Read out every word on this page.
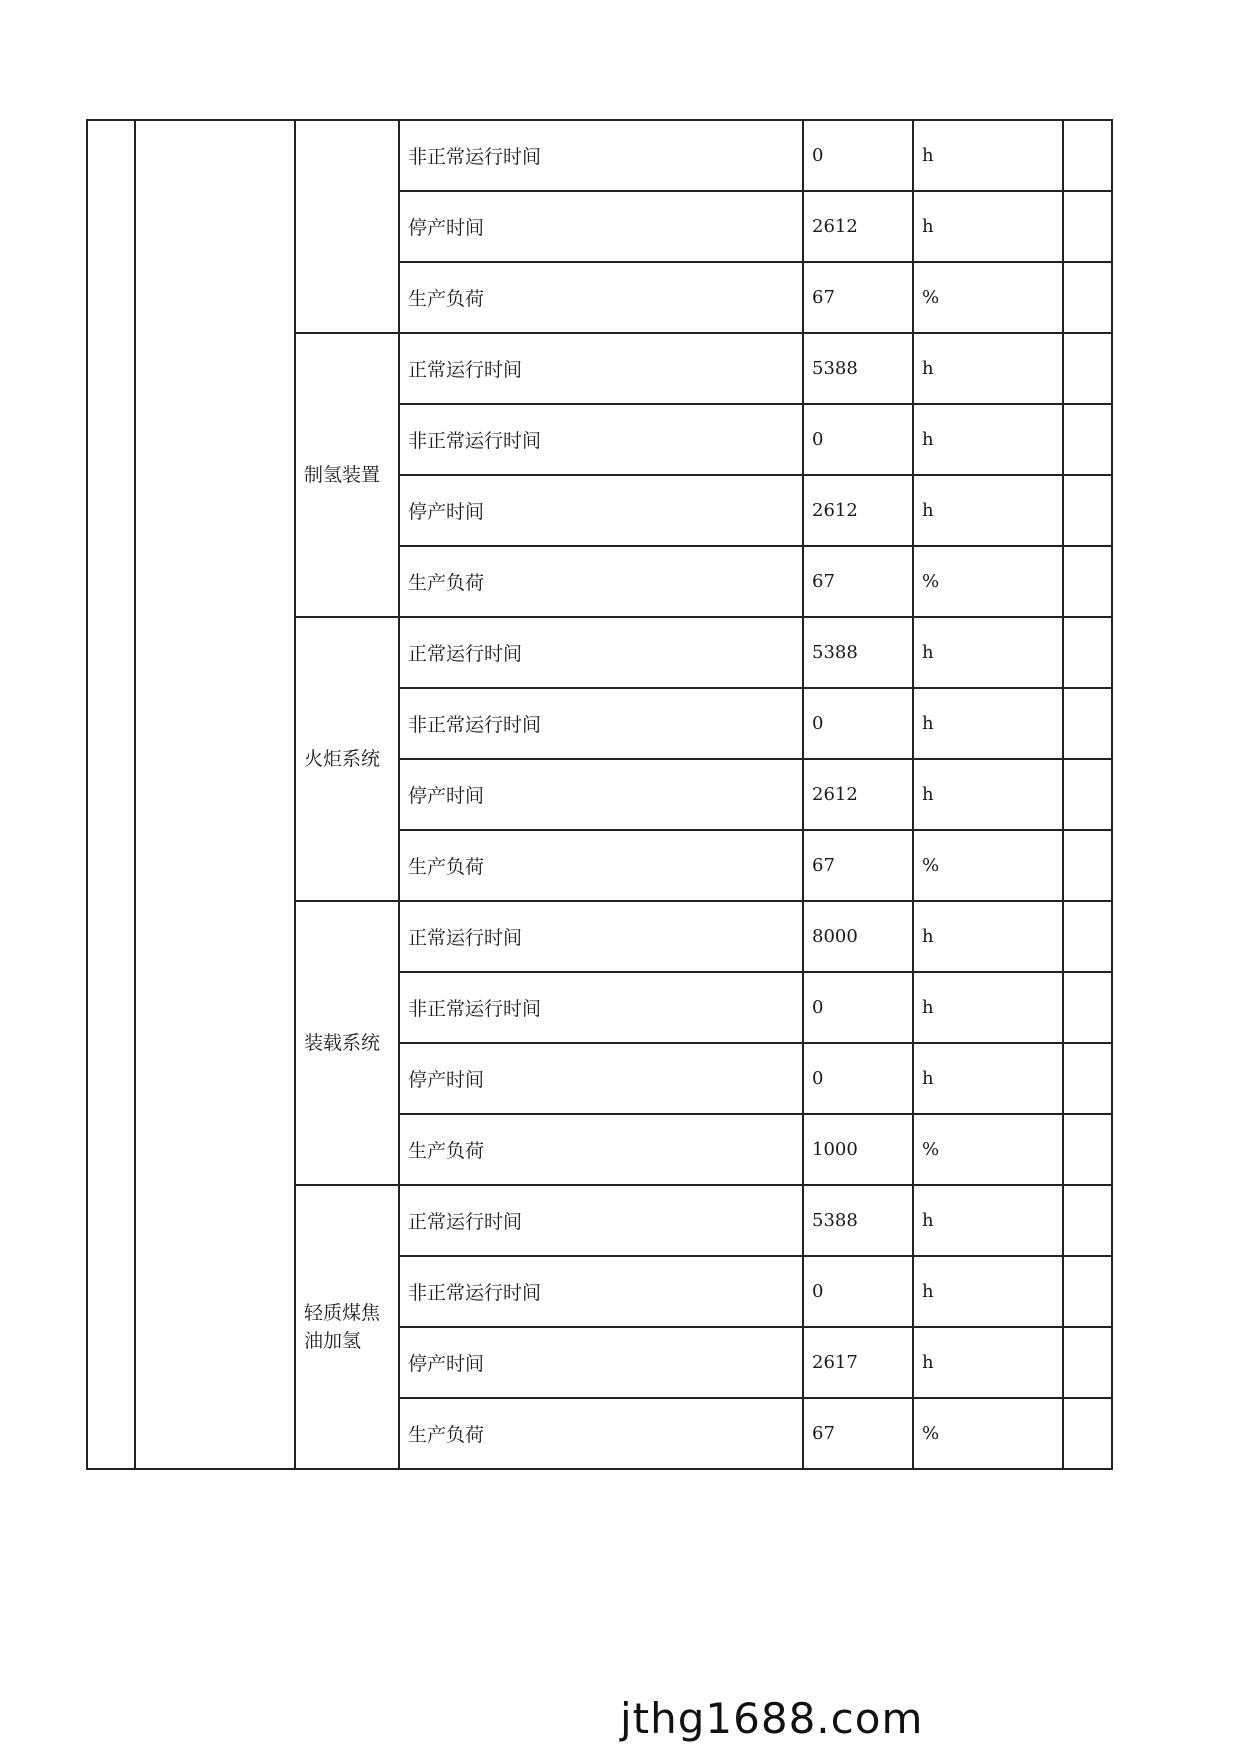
			非正常运行时间	0	h	
			停产时间	2612	h	
			生产负荷	67	%	
		制氢装置	正常运行时间	5388	h	
			非正常运行时间	0	h	
			停产时间	2612	h	
			生产负荷	67	%	
		火炬系统	正常运行时间	5388	h	
			非正常运行时间	0	h	
			停产时间	2612	h	
			生产负荷	67	%	
		装载系统	正常运行时间	8000	h	
			非正常运行时间	0	h	
			停产时间	0	h	
			生产负荷	1000	%	
		轻质煤焦油加氢	正常运行时间	5388	h	
			非正常运行时间	0	h	
			停产时间	2617	h	
			生产负荷	67	%	
jthg1688.com
